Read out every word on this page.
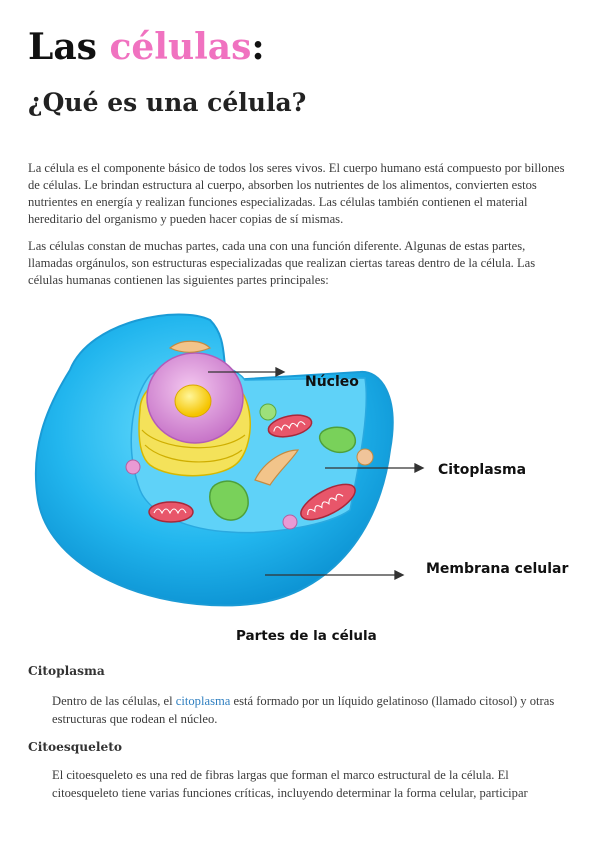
Las células:
¿Qué es una célula?

La célula es el componente básico de todos los seres vivos. El cuerpo humano está compuesto por billones de células. Le brindan estructura al cuerpo, absorben los nutrientes de los alimentos, convierten estos nutrientes en energía y realizan funciones especializadas. Las células también contienen el material hereditario del organismo y pueden hacer copias de sí mismas.

Las células constan de muchas partes, cada una con una función diferente. Algunas de estas partes, llamadas orgánulos, son estructuras especializadas que realizan ciertas tareas dentro de la célula. Las células humanas contienen las siguientes partes principales:

Núcleo
Citoplasma
Membrana celular
Partes de la célula
Citoplasma

Dentro de las células, el citoplasma está formado por un líquido gelatinoso (llamado citosol) y otras estructuras que rodean el núcleo.

Citoesqueleto

El citoesqueleto es una red de fibras largas que forman el marco estructural de la célula. El citoesqueleto tiene varias funciones críticas, incluyendo determinar la forma celular, participar
